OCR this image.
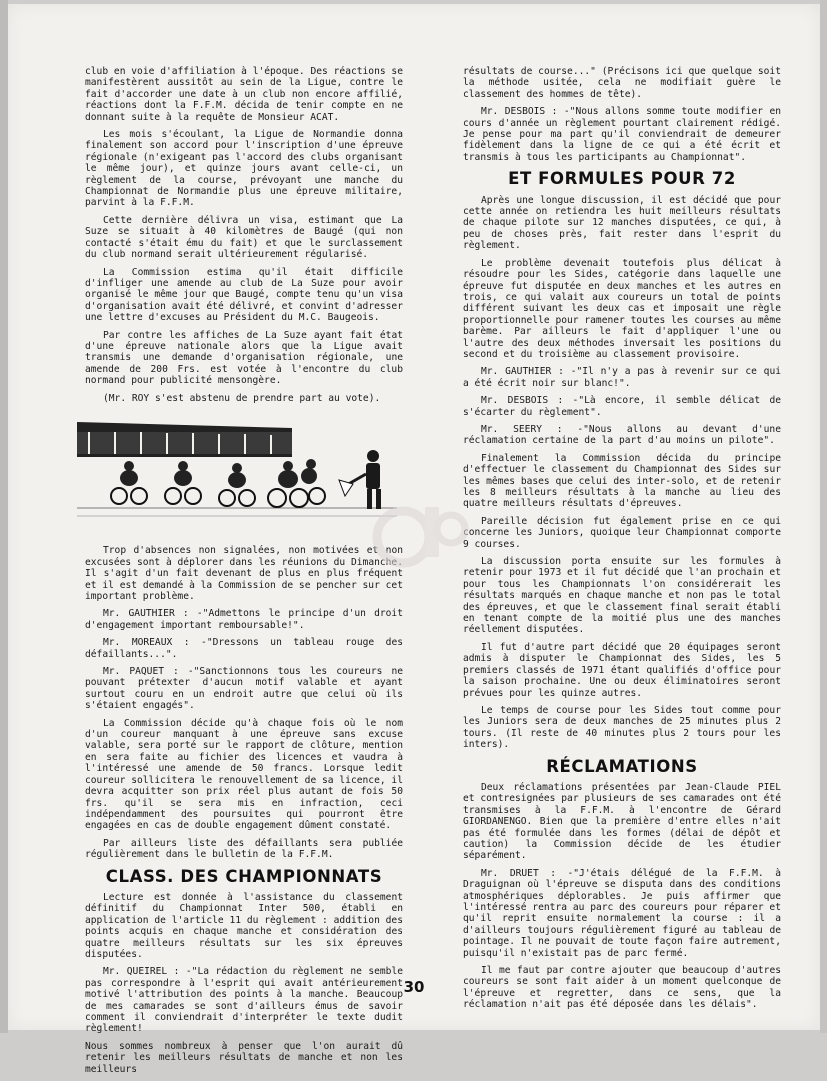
club en voie d'affiliation à l'époque. Des réactions se manifestèrent aussitôt au sein de la Ligue, contre le fait d'accorder une date à un club non encore affilié, réactions dont la F.F.M. décida de tenir compte en ne donnant suite à la requête de Monsieur ACAT.

Les mois s'écoulant, la Ligue de Normandie donna finalement son accord pour l'inscription d'une épreuve régionale (n'exigeant pas l'accord des clubs organisant le même jour), et quinze jours avant celle-ci, un règlement de la course, prévoyant une manche du Championnat de Normandie plus une épreuve militaire, parvint à la F.F.M.

Cette dernière délivra un visa, estimant que La Suze se situait à 40 kilomètres de Baugé (qui non contacté s'était ému du fait) et que le surclassement du club normand serait ultérieurement régularisé.

La Commission estima qu'il était difficile d'infliger une amende au club de La Suze pour avoir organisé le même jour que Baugé, compte tenu qu'un visa d'organisation avait été délivré, et convint d'adresser une lettre d'excuses au Président du M.C. Baugeois.

Par contre les affiches de La Suze ayant fait état d'une épreuve nationale alors que la Ligue avait transmis une demande d'organisation régionale, une amende de 200 Frs. est votée à l'encontre du club normand pour publicité mensongère.

(Mr. ROY s'est abstenu de prendre part au vote).

Trop d'absences non signalées, non motivées et non excusées sont à déplorer dans les réunions du Dimanche. Il s'agit d'un fait devenant de plus en plus fréquent et il est demandé à la Commission de se pencher sur cet important problème.

Mr. GAUTHIER : -"Admettons le principe d'un droit d'engagement important remboursable!".

Mr. MOREAUX : -"Dressons un tableau rouge des défaillants...".

Mr. PAQUET : -"Sanctionnons tous les coureurs ne pouvant prétexter d'aucun motif valable et ayant surtout couru en un endroit autre que celui où ils s'étaient engagés".

La Commission décide qu'à chaque fois où le nom d'un coureur manquant à une épreuve sans excuse valable, sera porté sur le rapport de clôture, mention en sera faite au fichier des licences et vaudra à l'intéressé une amende de 50 francs. Lorsque ledit coureur sollicitera le renouvellement de sa licence, il devra acquitter son prix réel plus autant de fois 50 frs. qu'il se sera mis en infraction, ceci indépendamment des poursuites qui pourront être engagées en cas de double engagement dûment constaté.

Par ailleurs liste des défaillants sera publiée régulièrement dans le bulletin de la F.F.M.

CLASS. DES CHAMPIONNATS

Lecture est donnée à l'assistance du classement définitif du Championnat Inter 500, établi en application de l'article 11 du règlement : addition des points acquis en chaque manche et considération des quatre meilleurs résultats sur les six épreuves disputées.

Mr. QUEIREL : -"La rédaction du règlement ne semble pas correspondre à l'esprit qui avait antérieurement motivé l'attribution des points à la manche. Beaucoup de mes camarades se sont d'ailleurs émus de savoir comment il conviendrait d'interpréter le texte dudit règlement!

Nous sommes nombreux à penser que l'on aurait dû retenir les meilleurs résultats de manche et non les meilleurs

résultats de course..." (Précisons ici que quelque soit la méthode usitée, cela ne modifiait guère le classement des hommes de tête).

Mr. DESBOIS : -"Nous allons somme toute modifier en cours d'année un règlement pourtant clairement rédigé. Je pense pour ma part qu'il conviendrait de demeurer fidèlement dans la ligne de ce qui a été écrit et transmis à tous les participants au Championnat".

ET FORMULES POUR 72

Après une longue discussion, il est décidé que pour cette année on retiendra les huit meilleurs résultats de chaque pilote sur 12 manches disputées, ce qui, à peu de choses près, fait rester dans l'esprit du règlement.

Le problème devenait toutefois plus délicat à résoudre pour les Sides, catégorie dans laquelle une épreuve fut disputée en deux manches et les autres en trois, ce qui valait aux coureurs un total de points différent suivant les deux cas et imposait une règle proportionnelle pour ramener toutes les courses au même barème. Par ailleurs le fait d'appliquer l'une ou l'autre des deux méthodes inversait les positions du second et du troisième au classement provisoire.

Mr. GAUTHIER : -"Il n'y a pas à revenir sur ce qui a été écrit noir sur blanc!".

Mr. DESBOIS : -"Là encore, il semble délicat de s'écarter du règlement".

Mr. SEERY : -"Nous allons au devant d'une réclamation certaine de la part d'au moins un pilote".

Finalement la Commission décida du principe d'effectuer le classement du Championnat des Sides sur les mêmes bases que celui des inter-solo, et de retenir les 8 meilleurs résultats à la manche au lieu des quatre meilleurs résultats d'épreuves.

Pareille décision fut également prise en ce qui concerne les Juniors, quoique leur Championnat comporte 9 courses.

La discussion porta ensuite sur les formules à retenir pour 1973 et il fut décidé que l'an prochain et pour tous les Championnats l'on considérerait les résultats marqués en chaque manche et non pas le total des épreuves, et que le classement final serait établi en tenant compte de la moitié plus une des manches réellement disputées.

Il fut d'autre part décidé que 20 équipages seront admis à disputer le Championnat des Sides, les 5 premiers classés de 1971 étant qualifiés d'office pour la saison prochaine. Une ou deux éliminatoires seront prévues pour les quinze autres.

Le temps de course pour les Sides tout comme pour les Juniors sera de deux manches de 25 minutes plus 2 tours. (Il reste de 40 minutes plus 2 tours pour les inters).

RÉCLAMATIONS

Deux réclamations présentées par Jean-Claude PIEL et contresignées par plusieurs de ses camarades ont été transmises à la F.F.M. à l'encontre de Gérard GIORDANENGO. Bien que la première d'entre elles n'ait pas été formulée dans les formes (délai de dépôt et caution) la Commission décide de les étudier séparément.

Mr. DRUET : -"J'étais délégué de la F.F.M. à Draguignan où l'épreuve se disputa dans des conditions atmosphériques déplorables. Je puis affirmer que l'intéressé rentra au parc des coureurs pour réparer et qu'il reprit ensuite normalement la course : il a d'ailleurs toujours régulièrement figuré au tableau de pointage. Il ne pouvait de toute façon faire autrement, puisqu'il n'existait pas de parc fermé.

Il me faut par contre ajouter que beaucoup d'autres coureurs se sont fait aider à un moment quelconque de l'épreuve et regretter, dans ce sens, que la réclamation n'ait pas été déposée dans les délais".

30
